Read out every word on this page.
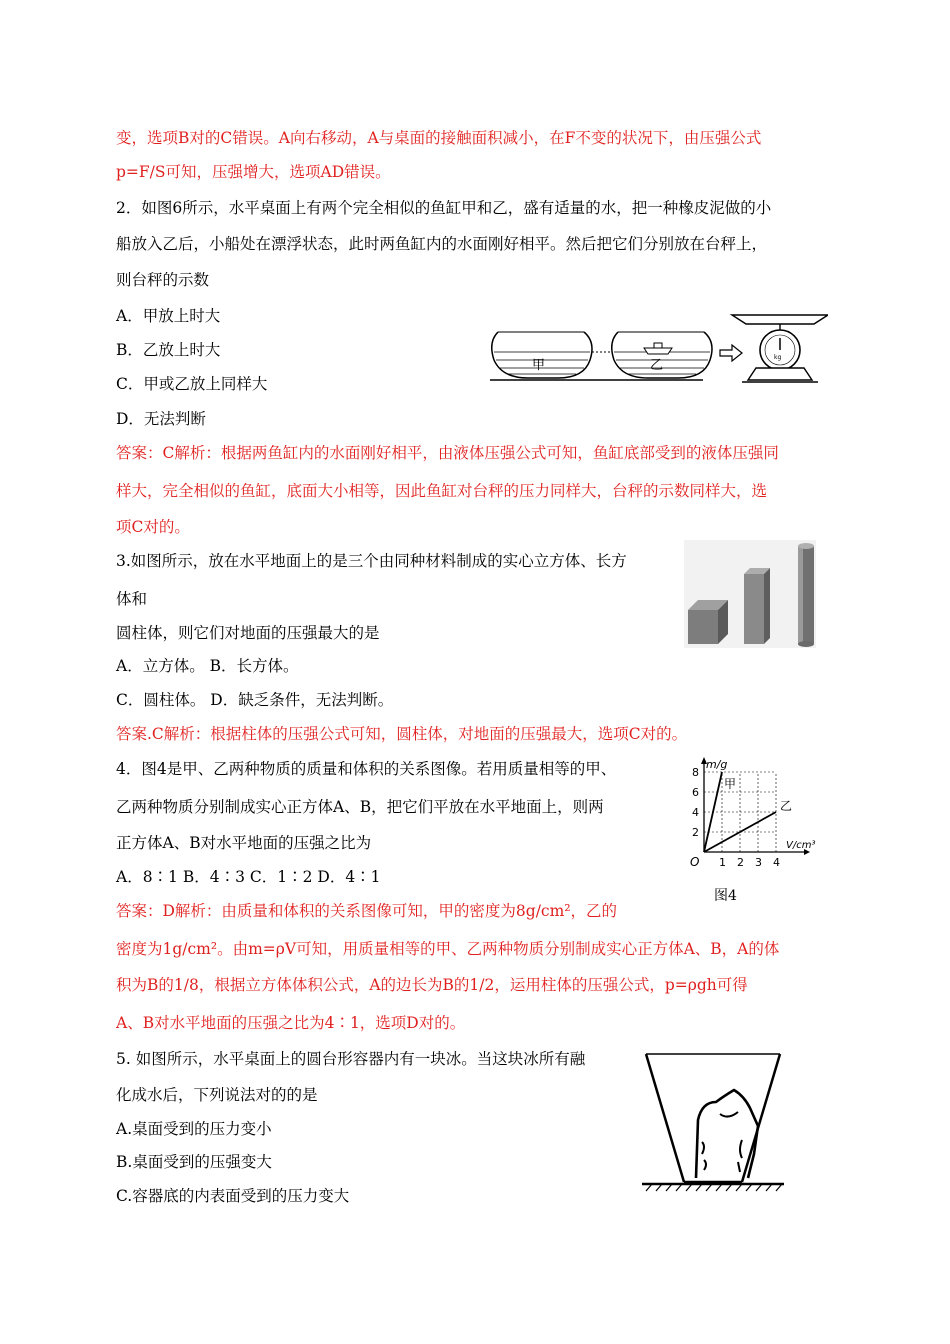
变，选项B对的C错误。A向右移动，A与桌面的接触面积减小，在F不变的状况下，由压强公式
p=F/S可知，压强增大，选项AD错误。
2．如图6所示，水平桌面上有两个完全相似的鱼缸甲和乙，盛有适量的水，把一种橡皮泥做的小
船放入乙后，小船处在漂浮状态，此时两鱼缸内的水面刚好相平。然后把它们分别放在台秤上，
则台秤的示数
A．甲放上时大
B．乙放上时大
C．甲或乙放上同样大
D．无法判断
答案：C解析：根据两鱼缸内的水面刚好相平，由液体压强公式可知，鱼缸底部受到的液体压强同
样大，完全相似的鱼缸，底面大小相等，因此鱼缸对台秤的压力同样大，台秤的示数同样大，选
项C对的。
3.如图所示，放在水平地面上的是三个由同种材料制成的实心立方体、长方
体和
圆柱体，则它们对地面的压强最大的是
A．立方体。 B．长方体。
C．圆柱体。 D．缺乏条件，无法判断。
答案.C解析：根据柱体的压强公式可知，圆柱体，对地面的压强最大，选项C对的。
4．图4是甲、乙两种物质的质量和体积的关系图像。若用质量相等的甲、
乙两种物质分别制成实心正方体A、B，把它们平放在水平地面上，则两
正方体A、B对水平地面的压强之比为
A．8∶1 B．4∶3 C．1∶2 D．4∶1
答案：D解析：由质量和体积的关系图像可知，甲的密度为8g/cm²，乙的
密度为1g/cm²。由m=ρV可知，用质量相等的甲、乙两种物质分别制成实心正方体A、B，A的体
积为B的1/8，根据立方体体积公式，A的边长为B的1/2，运用柱体的压强公式，p=ρgh可得
A、B对水平地面的压强之比为4∶1，选项D对的。
5. 如图所示，水平桌面上的圆台形容器内有一块冰。当这块冰所有融
化成水后，下列说法对的的是
A.桌面受到的压力变小
B.桌面受到的压强变大
C.容器底的内表面受到的压力变大
甲	乙
kg
2
4
6
8
1 2 3 4
O
m/g
V/cm³
甲
乙
图4
